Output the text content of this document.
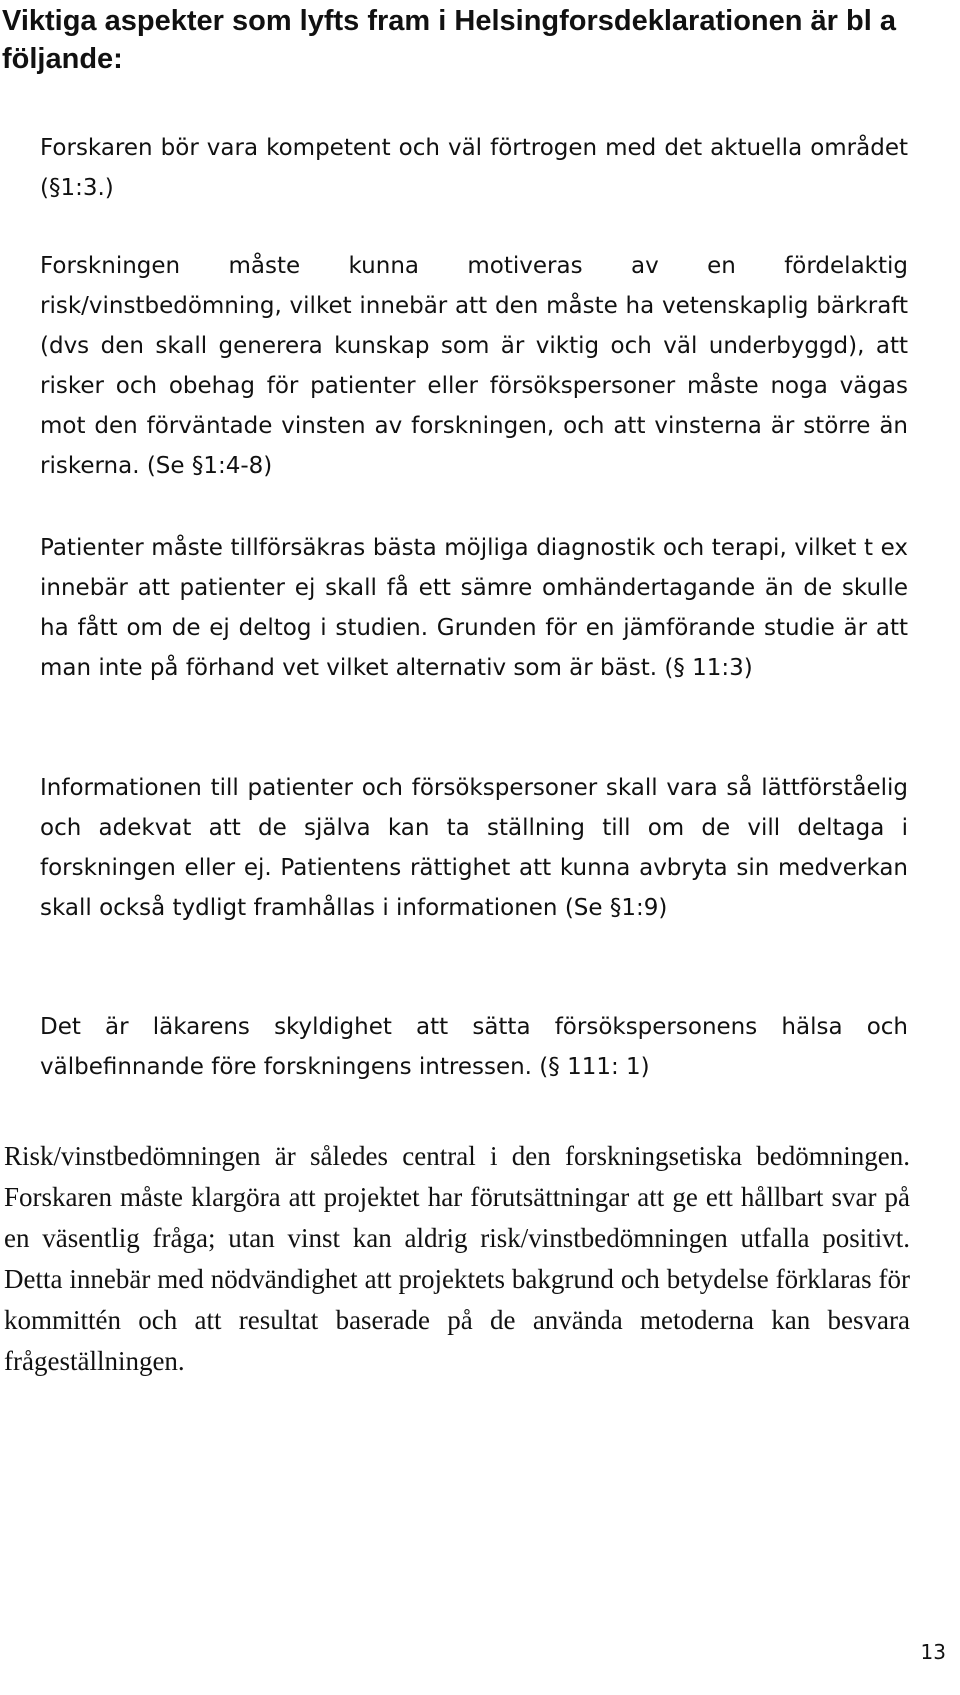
Viktiga aspekter som lyfts fram i Helsingforsdeklarationen är bl a följande:

Forskaren bör vara kompetent och väl förtrogen med det aktuella området (§1:3.)

Forskningen måste kunna motiveras av en fördelaktig risk/vinstbedömning, vilket innebär att den måste ha vetenskaplig bärkraft (dvs den skall generera kunskap som är viktig och väl underbyggd), att risker och obehag för patienter eller försökspersoner måste noga vägas mot den förväntade vinsten av forskningen, och att vinsterna är större än riskerna. (Se §1:4-8)

Patienter måste tillförsäkras bästa möjliga diagnostik och terapi, vilket t ex innebär att patienter ej skall få ett sämre omhändertagande än de skulle ha fått om de ej deltog i studien. Grunden för en jämförande studie är att man inte på förhand vet vilket alternativ som är bäst. (§ 11:3)

Informationen till patienter och försökspersoner skall vara så lättförståelig och adekvat att de själva kan ta ställning till om de vill deltaga i forskningen eller ej. Patientens rättighet att kunna avbryta sin medverkan skall också tydligt framhållas i informationen (Se §1:9)

Det är läkarens skyldighet att sätta försökspersonens hälsa och välbefinnande före forskningens intressen. (§ 111: 1)

Risk/vinstbedömningen är således central i den forskningsetiska bedömningen. Forskaren måste klargöra att projektet har förutsättningar att ge ett hållbart svar på en väsentlig fråga; utan vinst kan aldrig risk/vinstbedömningen utfalla positivt. Detta innebär med nödvändighet att projektets bakgrund och betydelse förklaras för kommittén och att resultat baserade på de använda metoderna kan besvara frågeställningen.

13
